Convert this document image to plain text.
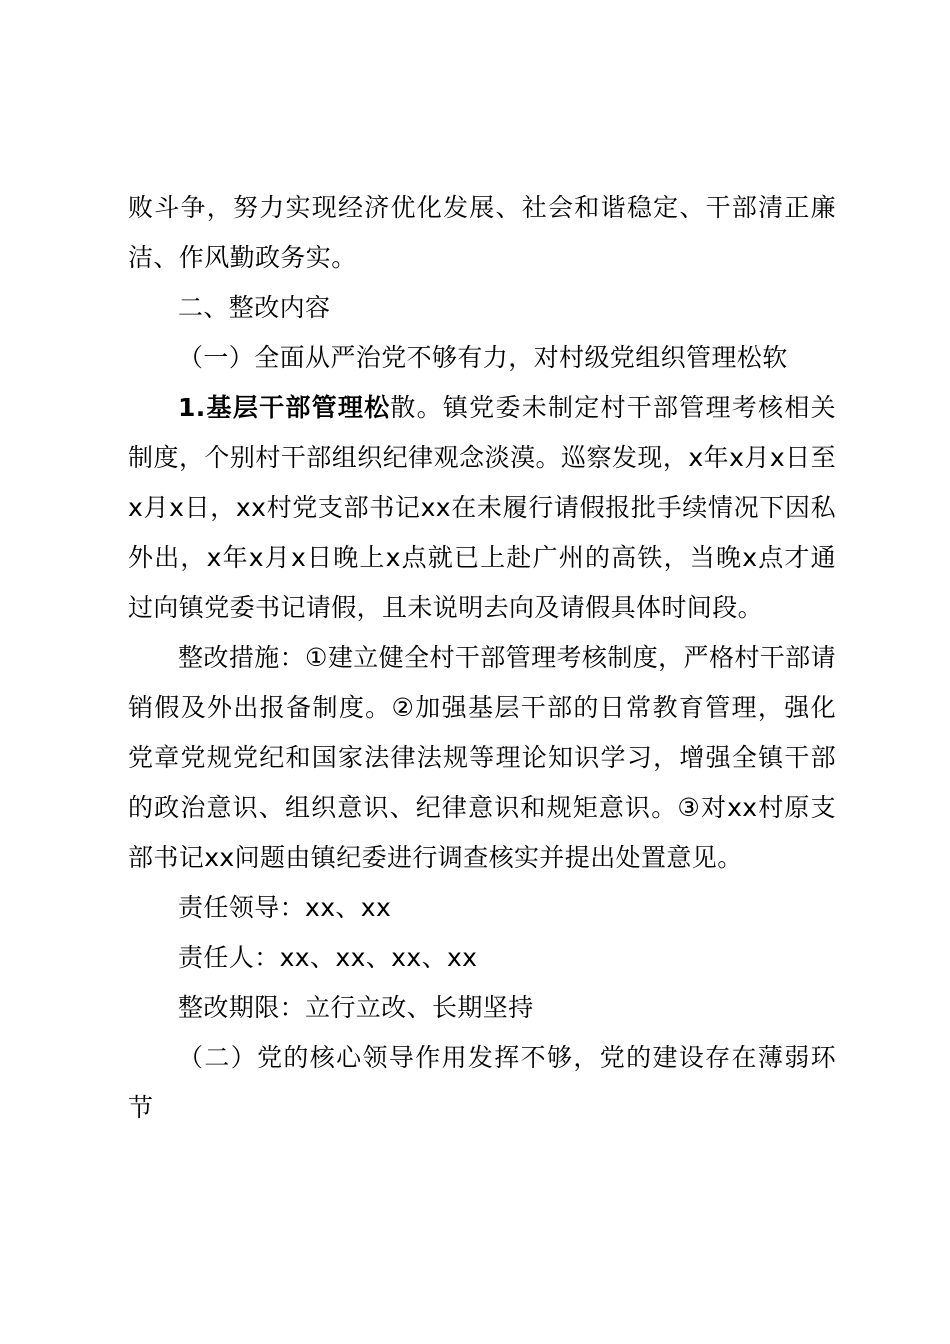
败斗争，努力实现经济优化发展、社会和谐稳定、干部清正廉洁、作风勤政务实。

二、整改内容

（一）全面从严治党不够有力，对村级党组织管理松软

1.基层干部管理松散。镇党委未制定村干部管理考核相关制度，个别村干部组织纪律观念淡漠。巡察发现，x年x月x日至x月x日，xx村党支部书记xx在未履行请假报批手续情况下因私外出，x年x月x日晚上x点就已上赴广州的高铁，当晚x点才通过向镇党委书记请假，且未说明去向及请假具体时间段。

整改措施：①建立健全村干部管理考核制度，严格村干部请销假及外出报备制度。②加强基层干部的日常教育管理，强化党章党规党纪和国家法律法规等理论知识学习，增强全镇干部的政治意识、组织意识、纪律意识和规矩意识。③对xx村原支部书记xx问题由镇纪委进行调查核实并提出处置意见。

责任领导：xx、xx

责任人：xx、xx、xx、xx

整改期限：立行立改、长期坚持

（二）党的核心领导作用发挥不够，党的建设存在薄弱环节
